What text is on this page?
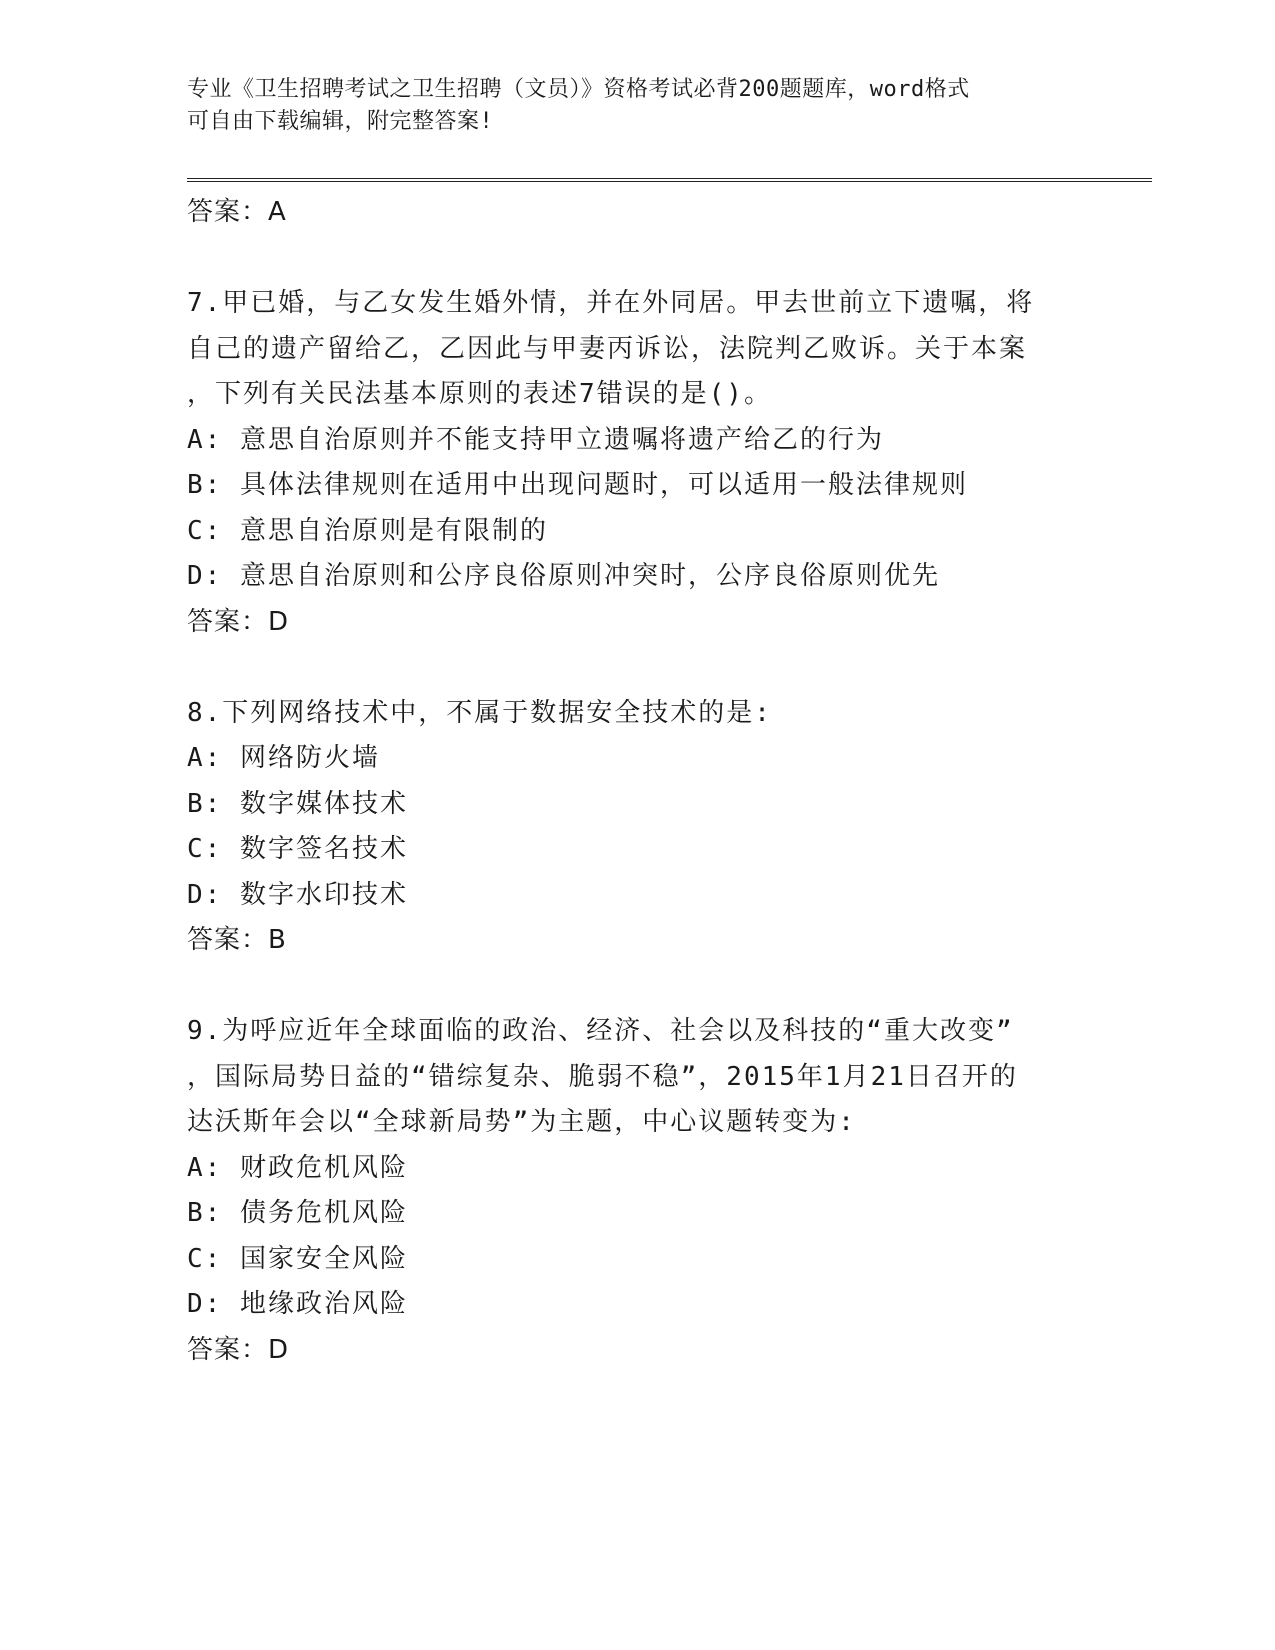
专业《卫生招聘考试之卫生招聘（文员）》资格考试必背200题题库，word格式
可自由下载编辑，附完整答案!
答案：A
7.甲已婚，与乙女发生婚外情，并在外同居。甲去世前立下遗嘱，将
自己的遗产留给乙，乙因此与甲妻丙诉讼，法院判乙败诉。关于本案
，下列有关民法基本原则的表述7错误的是()。
A: 意思自治原则并不能支持甲立遗嘱将遗产给乙的行为
B: 具体法律规则在适用中出现问题时，可以适用一般法律规则
C: 意思自治原则是有限制的
D: 意思自治原则和公序良俗原则冲突时，公序良俗原则优先
答案：D
8.下列网络技术中，不属于数据安全技术的是:
A: 网络防火墙
B: 数字媒体技术
C: 数字签名技术
D: 数字水印技术
答案：B
9.为呼应近年全球面临的政治、经济、社会以及科技的“重大改变”
，国际局势日益的“错综复杂、脆弱不稳”，2015年1月21日召开的
达沃斯年会以“全球新局势”为主题，中心议题转变为:
A: 财政危机风险
B: 债务危机风险
C: 国家安全风险
D: 地缘政治风险
答案：D
